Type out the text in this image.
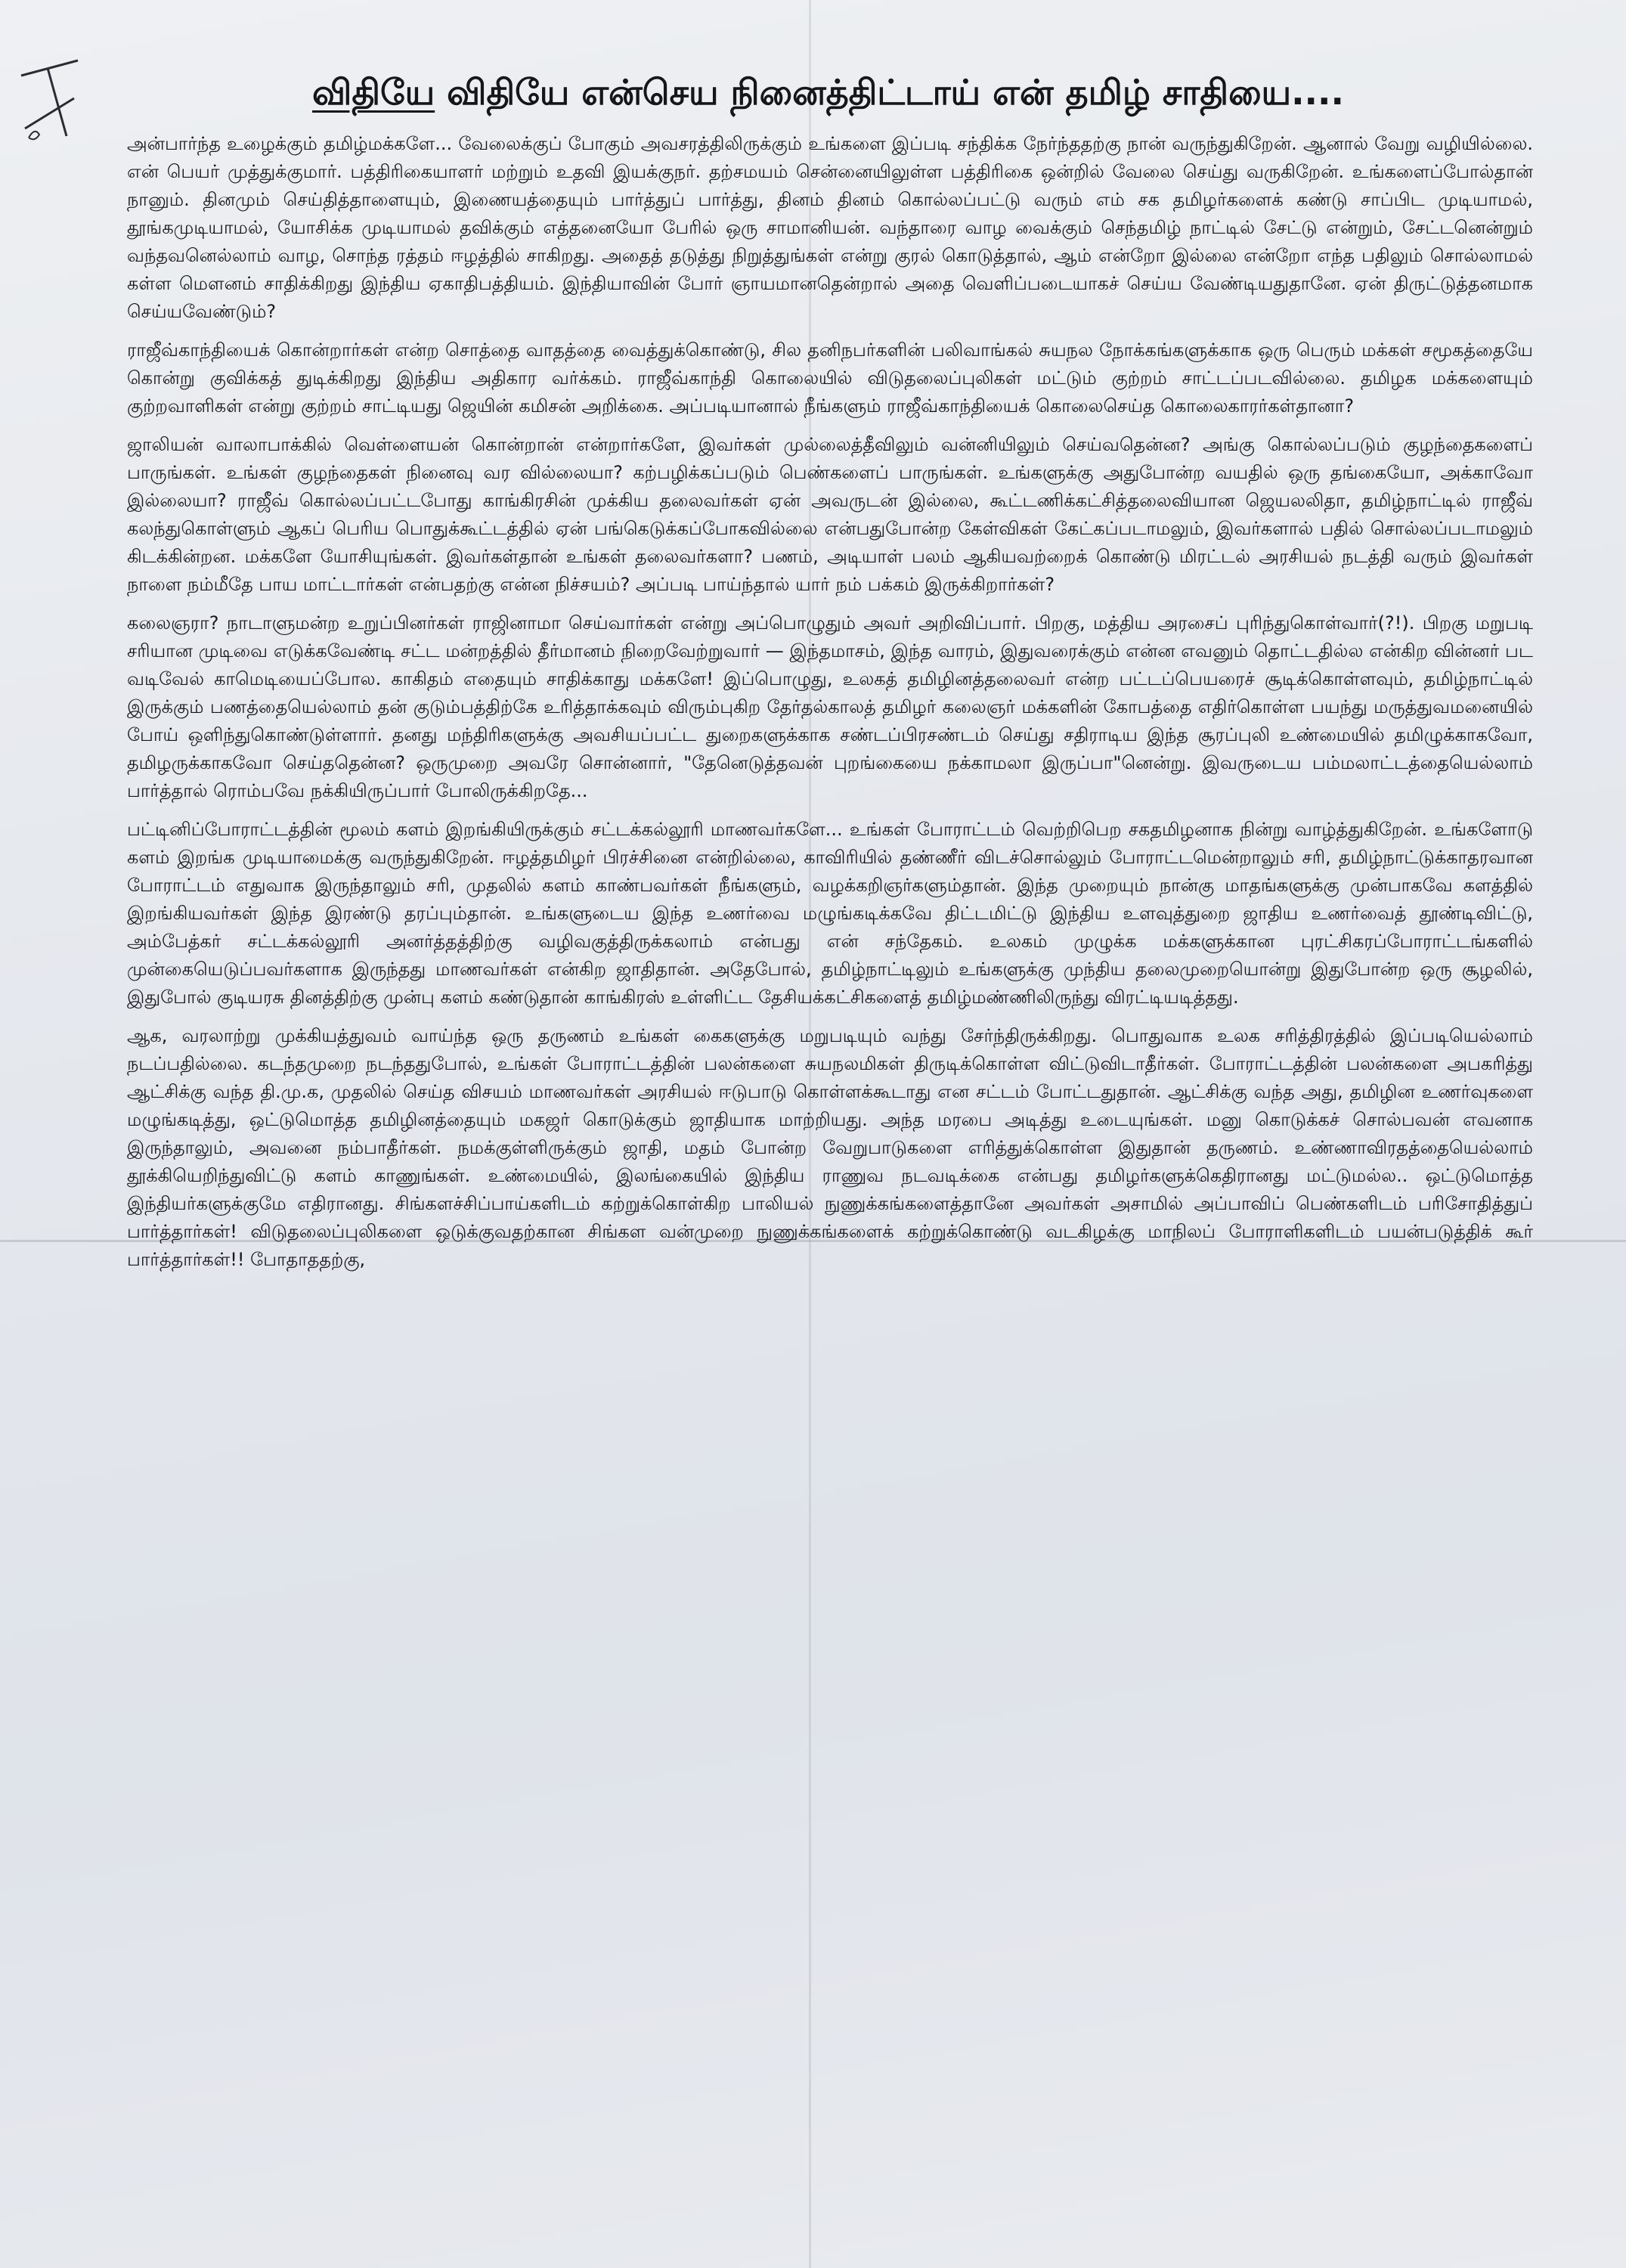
விதியே விதியே என்செய நினைத்திட்டாய் என் தமிழ் சாதியை....

அன்பார்ந்த உழைக்கும் தமிழ்மக்களே... வேலைக்குப் போகும் அவசரத்திலிருக்கும் உங்களை இப்படி சந்திக்க நேர்ந்ததற்கு நான் வருந்துகிறேன். ஆனால் வேறு வழியில்லை. என் பெயர் முத்துக்குமார். பத்திரிகையாளர் மற்றும் உதவி இயக்குநர். தற்சமயம் சென்னையிலுள்ள பத்திரிகை ஒன்றில் வேலை செய்து வருகிறேன். உங்களைப்போல்தான் நானும். தினமும் செய்தித்தாளையும், இணையத்தையும் பார்த்துப் பார்த்து, தினம் தினம் கொல்லப்பட்டு வரும் எம் சக தமிழர்களைக் கண்டு சாப்பிட முடியாமல், தூங்கமுடியாமல், யோசிக்க முடியாமல் தவிக்கும் எத்தனையோ பேரில் ஒரு சாமானியன். வந்தாரை வாழ வைக்கும் செந்தமிழ் நாட்டில் சேட்டு என்றும், சேட்டனென்றும் வந்தவனெல்லாம் வாழ, சொந்த ரத்தம் ஈழத்தில் சாகிறது. அதைத் தடுத்து நிறுத்துங்கள் என்று குரல் கொடுத்தால், ஆம் என்றோ இல்லை என்றோ எந்த பதிலும் சொல்லாமல் கள்ள மௌனம் சாதிக்கிறது இந்திய ஏகாதிபத்தியம். இந்தியாவின் போர் ஞாயமானதென்றால் அதை வெளிப்படையாகச் செய்ய வேண்டியதுதானே. ஏன் திருட்டுத்தனமாக செய்யவேண்டும்?

ராஜீவ்காந்தியைக் கொன்றார்கள் என்ற சொத்தை வாதத்தை வைத்துக்கொண்டு, சில தனிநபர்களின் பலிவாங்கல் சுயநல நோக்கங்களுக்காக ஒரு பெரும் மக்கள் சமூகத்தையே கொன்று குவிக்கத் துடிக்கிறது இந்திய அதிகார வர்க்கம். ராஜீவ்காந்தி கொலையில் விடுதலைப்புலிகள் மட்டும் குற்றம் சாட்டப்படவில்லை. தமிழக மக்களையும் குற்றவாளிகள் என்று குற்றம் சாட்டியது ஜெயின் கமிசன் அறிக்கை. அப்படியானால் நீங்களும் ராஜீவ்காந்தியைக் கொலைசெய்த கொலைகாரர்கள்தானா?

ஜாலியன் வாலாபாக்கில் வெள்ளையன் கொன்றான் என்றார்களே, இவர்கள் முல்லைத்தீவிலும் வன்னியிலும் செய்வதென்ன? அங்கு கொல்லப்படும் குழந்தைகளைப் பாருங்கள். உங்கள் குழந்தைகள் நினைவு வர வில்லையா? கற்பழிக்கப்படும் பெண்களைப் பாருங்கள். உங்களுக்கு அதுபோன்ற வயதில் ஒரு தங்கையோ, அக்காவோ இல்லையா? ராஜீவ் கொல்லப்பட்டபோது காங்கிரசின் முக்கிய தலைவர்கள் ஏன் அவருடன் இல்லை, கூட்டணிக்கட்சித்தலைவியான ஜெயலலிதா, தமிழ்நாட்டில் ராஜீவ் கலந்துகொள்ளும் ஆகப் பெரிய பொதுக்கூட்டத்தில் ஏன் பங்கெடுக்கப்போகவில்லை என்பதுபோன்ற கேள்விகள் கேட்கப்படாமலும், இவர்களால் பதில் சொல்லப்படாமலும் கிடக்கின்றன. மக்களே யோசியுங்கள். இவர்கள்தான் உங்கள் தலைவர்களா? பணம், அடியாள் பலம் ஆகியவற்றைக் கொண்டு மிரட்டல் அரசியல் நடத்தி வரும் இவர்கள் நாளை நம்மீதே பாய மாட்டார்கள் என்பதற்கு என்ன நிச்சயம்? அப்படி பாய்ந்தால் யார் நம் பக்கம் இருக்கிறார்கள்?

கலைஞரா? நாடாளுமன்ற உறுப்பினர்கள் ராஜினாமா செய்வார்கள் என்று அப்பொழுதும் அவர் அறிவிப்பார். பிறகு, மத்திய அரசைப் புரிந்துகொள்வார்(?!). பிறகு மறுபடி சரியான முடிவை எடுக்கவேண்டி சட்ட மன்றத்தில் தீர்மானம் நிறைவேற்றுவார் — இந்தமாசம், இந்த வாரம், இதுவரைக்கும் என்ன எவனும் தொட்டதில்ல என்கிற வின்னர் பட வடிவேல் காமெடியைப்போல. காகிதம் எதையும் சாதிக்காது மக்களே! இப்பொழுது, உலகத் தமிழினத்தலைவர் என்ற பட்டப்பெயரைச் சூடிக்கொள்ளவும், தமிழ்நாட்டில் இருக்கும் பணத்தையெல்லாம் தன் குடும்பத்திற்கே உரித்தாக்கவும் விரும்புகிற தேர்தல்காலத் தமிழர் கலைஞர் மக்களின் கோபத்தை எதிர்கொள்ள பயந்து மருத்துவமனையில் போய் ஒளிந்துகொண்டுள்ளார். தனது மந்திரிகளுக்கு அவசியப்பட்ட துறைகளுக்காக சண்டப்பிரசண்டம் செய்து சதிராடிய இந்த சூரப்புலி உண்மையில் தமிழுக்காகவோ, தமிழருக்காகவோ செய்ததென்ன? ஒருமுறை அவரே சொன்னார், "தேனெடுத்தவன் புறங்கையை நக்காமலா இருப்பா"னென்று. இவருடைய பம்மலாட்டத்தையெல்லாம் பார்த்தால் ரொம்பவே நக்கியிருப்பார் போலிருக்கிறதே...

பட்டினிப்போராட்டத்தின் மூலம் களம் இறங்கியிருக்கும் சட்டக்கல்லூரி மாணவர்களே... உங்கள் போராட்டம் வெற்றிபெற சகதமிழனாக நின்று வாழ்த்துகிறேன். உங்களோடு களம் இறங்க முடியாமைக்கு வருந்துகிறேன். ஈழத்தமிழர் பிரச்சினை என்றில்லை, காவிரியில் தண்ணீர் விடச்சொல்லும் போராட்டமென்றாலும் சரி, தமிழ்நாட்டுக்காதரவான போராட்டம் எதுவாக இருந்தாலும் சரி, முதலில் களம் காண்பவர்கள் நீங்களும், வழக்கறிஞர்களும்தான். இந்த முறையும் நான்கு மாதங்களுக்கு முன்பாகவே களத்தில் இறங்கியவர்கள் இந்த இரண்டு தரப்பும்தான். உங்களுடைய இந்த உணர்வை மழுங்கடிக்கவே திட்டமிட்டு இந்திய உளவுத்துறை ஜாதிய உணர்வைத் தூண்டிவிட்டு, அம்பேத்கர் சட்டக்கல்லூரி அனர்த்தத்திற்கு வழிவகுத்திருக்கலாம் என்பது என் சந்தேகம். உலகம் முழுக்க மக்களுக்கான புரட்சிகரப்போராட்டங்களில் முன்கையெடுப்பவர்களாக இருந்தது மாணவர்கள் என்கிற ஜாதிதான். அதேபோல், தமிழ்நாட்டிலும் உங்களுக்கு முந்திய தலைமுறையொன்று இதுபோன்ற ஒரு சூழலில், இதுபோல் குடியரசு தினத்திற்கு முன்பு களம் கண்டுதான் காங்கிரஸ் உள்ளிட்ட தேசியக்கட்சிகளைத் தமிழ்மண்ணிலிருந்து விரட்டியடித்தது.

ஆக, வரலாற்று முக்கியத்துவம் வாய்ந்த ஒரு தருணம் உங்கள் கைகளுக்கு மறுபடியும் வந்து சேர்ந்திருக்கிறது. பொதுவாக உலக சரித்திரத்தில் இப்படியெல்லாம் நடப்பதில்லை. கடந்தமுறை நடந்ததுபோல், உங்கள் போராட்டத்தின் பலன்களை சுயநலமிகள் திருடிக்கொள்ள விட்டுவிடாதீர்கள். போராட்டத்தின் பலன்களை அபகரித்து ஆட்சிக்கு வந்த தி.மு.க, முதலில் செய்த விசயம் மாணவர்கள் அரசியல் ஈடுபாடு கொள்ளக்கூடாது என சட்டம் போட்டதுதான். ஆட்சிக்கு வந்த அது, தமிழின உணர்வுகளை மழுங்கடித்து, ஒட்டுமொத்த தமிழினத்தையும் மகஜர் கொடுக்கும் ஜாதியாக மாற்றியது. அந்த மரபை அடித்து உடையுங்கள். மனு கொடுக்கச் சொல்பவன் எவனாக இருந்தாலும், அவனை நம்பாதீர்கள். நமக்குள்ளிருக்கும் ஜாதி, மதம் போன்ற வேறுபாடுகளை எரித்துக்கொள்ள இதுதான் தருணம். உண்ணாவிரதத்தையெல்லாம் தூக்கியெறிந்துவிட்டு களம் காணுங்கள். உண்மையில், இலங்கையில் இந்திய ராணுவ நடவடிக்கை என்பது தமிழர்களுக்கெதிரானது மட்டுமல்ல.. ஒட்டுமொத்த இந்தியர்களுக்குமே எதிரானது. சிங்களச்சிப்பாய்களிடம் கற்றுக்கொள்கிற பாலியல் நுணுக்கங்களைத்தானே அவர்கள் அசாமில் அப்பாவிப் பெண்களிடம் பரிசோதித்துப் பார்த்தார்கள்! விடுதலைப்புலிகளை ஒடுக்குவதற்கான சிங்கள வன்முறை நுணுக்கங்களைக் கற்றுக்கொண்டு வடகிழக்கு மாநிலப் போராளிகளிடம் பயன்படுத்திக் கூர் பார்த்தார்கள்!! போதாததற்கு,
